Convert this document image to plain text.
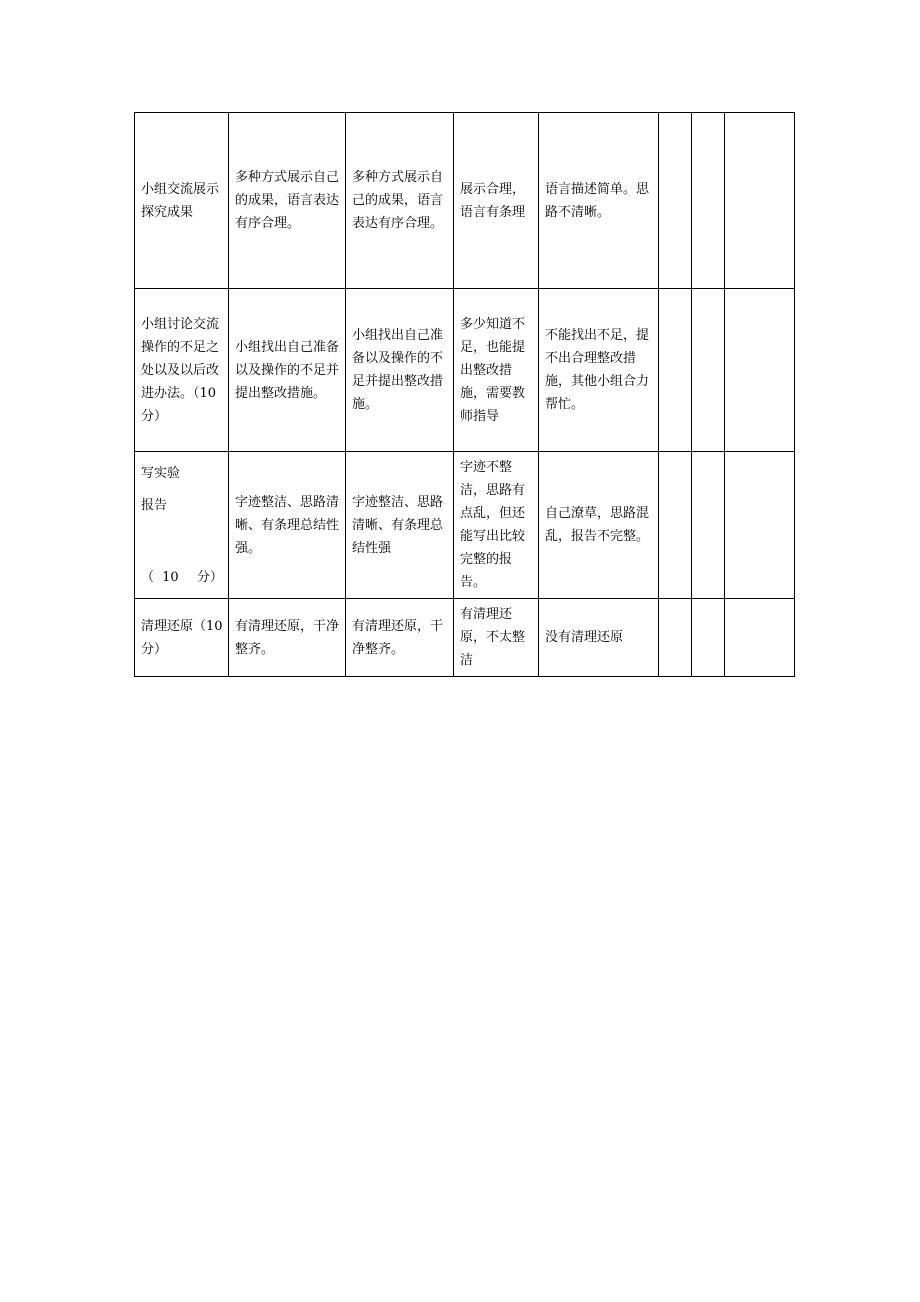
小组交流展示探究成果	多种方式展示自己的成果，语言表达有序合理。	多种方式展示自己的成果，语言表达有序合理。	展示合理，语言有条理	语言描述简单。思路不清晰。			

小组讨论交流操作的不足之处以及以后改进办法。（10分）	小组找出自己准备以及操作的不足并提出整改措施。	小组找出自己准备以及操作的不足并提出整改措施。	多少知道不足，也能提出整改措施，需要教师指导	不能找出不足，提不出合理整改措施，其他小组合力帮忙。			

写实验
报告
（ 10 分）	字迹整洁、思路清晰、有条理总结性强。	字迹整洁、思路清晰、有条理总结性强	字迹不整洁，思路有点乱，但还能写出比较完整的报告。	自己潦草，思路混乱，报告不完整。			

清理还原（10分）	有清理还原，干净整齐。	有清理还原，干净整齐。	有清理还原，不太整洁	没有清理还原			
